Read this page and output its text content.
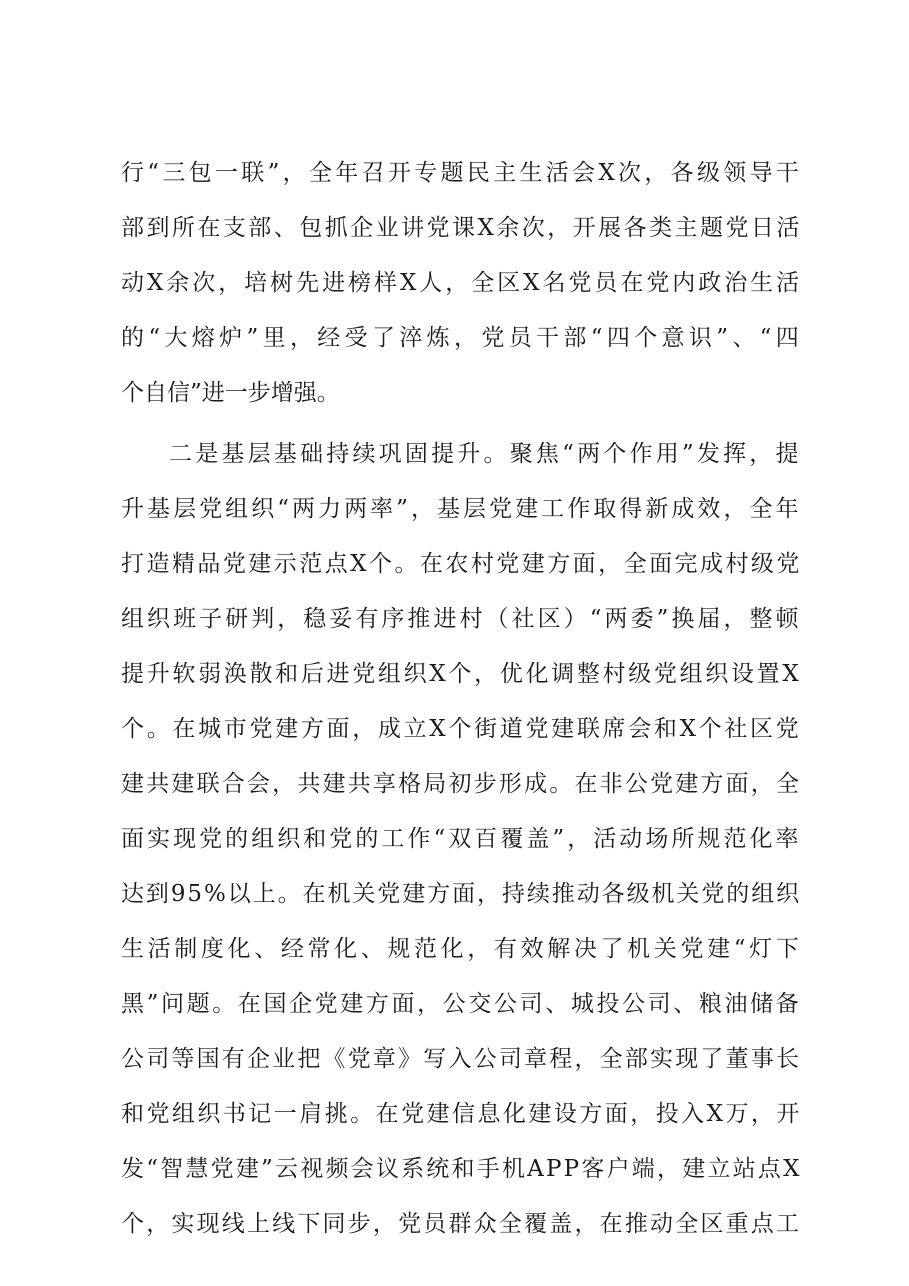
行“三包一联”，全年召开专题民主生活会X次，各级领导干
部到所在支部、包抓企业讲党课X余次，开展各类主题党日活
动X余次，培树先进榜样X人，全区X名党员在党内政治生活
的“大熔炉”里，经受了淬炼，党员干部“四个意识”、“四
个自信”进一步增强。
二是基层基础持续巩固提升。聚焦“两个作用”发挥，提
升基层党组织“两力两率”，基层党建工作取得新成效，全年
打造精品党建示范点X个。在农村党建方面，全面完成村级党
组织班子研判，稳妥有序推进村（社区）“两委”换届，整顿
提升软弱涣散和后进党组织X个，优化调整村级党组织设置X
个。在城市党建方面，成立X个街道党建联席会和X个社区党
建共建联合会，共建共享格局初步形成。在非公党建方面，全
面实现党的组织和党的工作“双百覆盖”，活动场所规范化率
达到95%以上。在机关党建方面，持续推动各级机关党的组织
生活制度化、经常化、规范化，有效解决了机关党建“灯下
黑”问题。在国企党建方面，公交公司、城投公司、粮油储备
公司等国有企业把《党章》写入公司章程，全部实现了董事长
和党组织书记一肩挑。在党建信息化建设方面，投入X万，开
发“智慧党建”云视频会议系统和手机APP客户端，建立站点X
个，实现线上线下同步，党员群众全覆盖，在推动全区重点工
